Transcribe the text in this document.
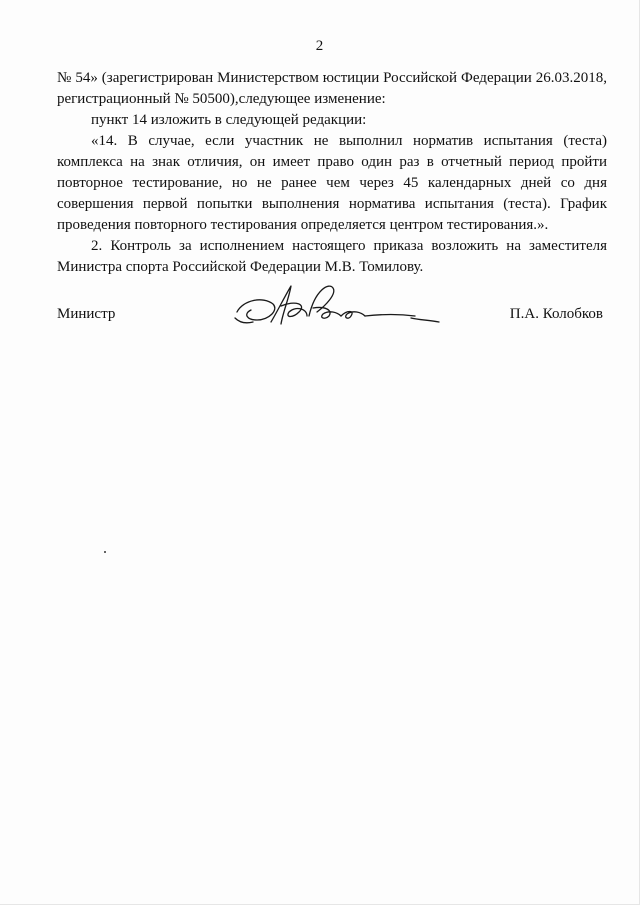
2

№ 54» (зарегистрирован Министерством юстиции Российской Федерации 26.03.2018, регистрационный № 50500),следующее изменение:

пункт 14 изложить в следующей редакции:

«14. В случае, если участник не выполнил норматив испытания (теста) комплекса на знак отличия, он имеет право один раз в отчетный период пройти повторное тестирование, но не ранее чем через 45 календарных дней со дня совершения первой попытки выполнения норматива испытания (теста). График проведения повторного тестирования определяется центром тестирования.».

2. Контроль за исполнением настоящего приказа возложить на заместителя Министра спорта Российской Федерации М.В. Томилову.

Министр	П.А. Колобков
